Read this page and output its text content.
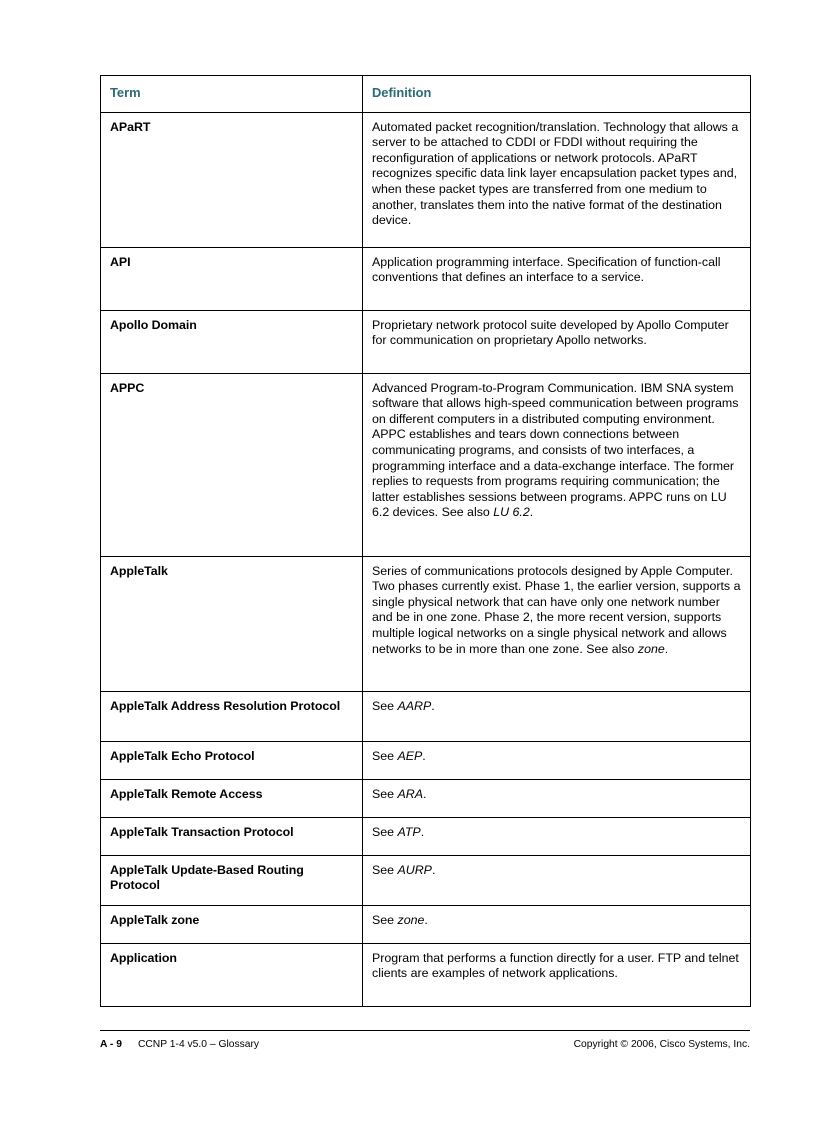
Term	Definition
APaRT	Automated packet recognition/translation. Technology that allows a server to be attached to CDDI or FDDI without requiring the reconfiguration of applications or network protocols. APaRT recognizes specific data link layer encapsulation packet types and, when these packet types are transferred from one medium to another, translates them into the native format of the destination device.
API	Application programming interface. Specification of function-call conventions that defines an interface to a service.
Apollo Domain	Proprietary network protocol suite developed by Apollo Computer for communication on proprietary Apollo networks.
APPC	Advanced Program-to-Program Communication. IBM SNA system software that allows high-speed communication between programs on different computers in a distributed computing environment. APPC establishes and tears down connections between communicating programs, and consists of two interfaces, a programming interface and a data-exchange interface. The former replies to requests from programs requiring communication; the latter establishes sessions between programs. APPC runs on LU 6.2 devices. See also LU 6.2.
AppleTalk	Series of communications protocols designed by Apple Computer. Two phases currently exist. Phase 1, the earlier version, supports a single physical network that can have only one network number and be in one zone. Phase 2, the more recent version, supports multiple logical networks on a single physical network and allows networks to be in more than one zone. See also zone.
AppleTalk Address Resolution Protocol	See AARP.
AppleTalk Echo Protocol	See AEP.
AppleTalk Remote Access	See ARA.
AppleTalk Transaction Protocol	See ATP.
AppleTalk Update-Based Routing Protocol	See AURP.
AppleTalk zone	See zone.
Application	Program that performs a function directly for a user. FTP and telnet clients are examples of network applications.
A - 9 CCNP 1-4 v5.0 – Glossary	Copyright © 2006, Cisco Systems, Inc.
